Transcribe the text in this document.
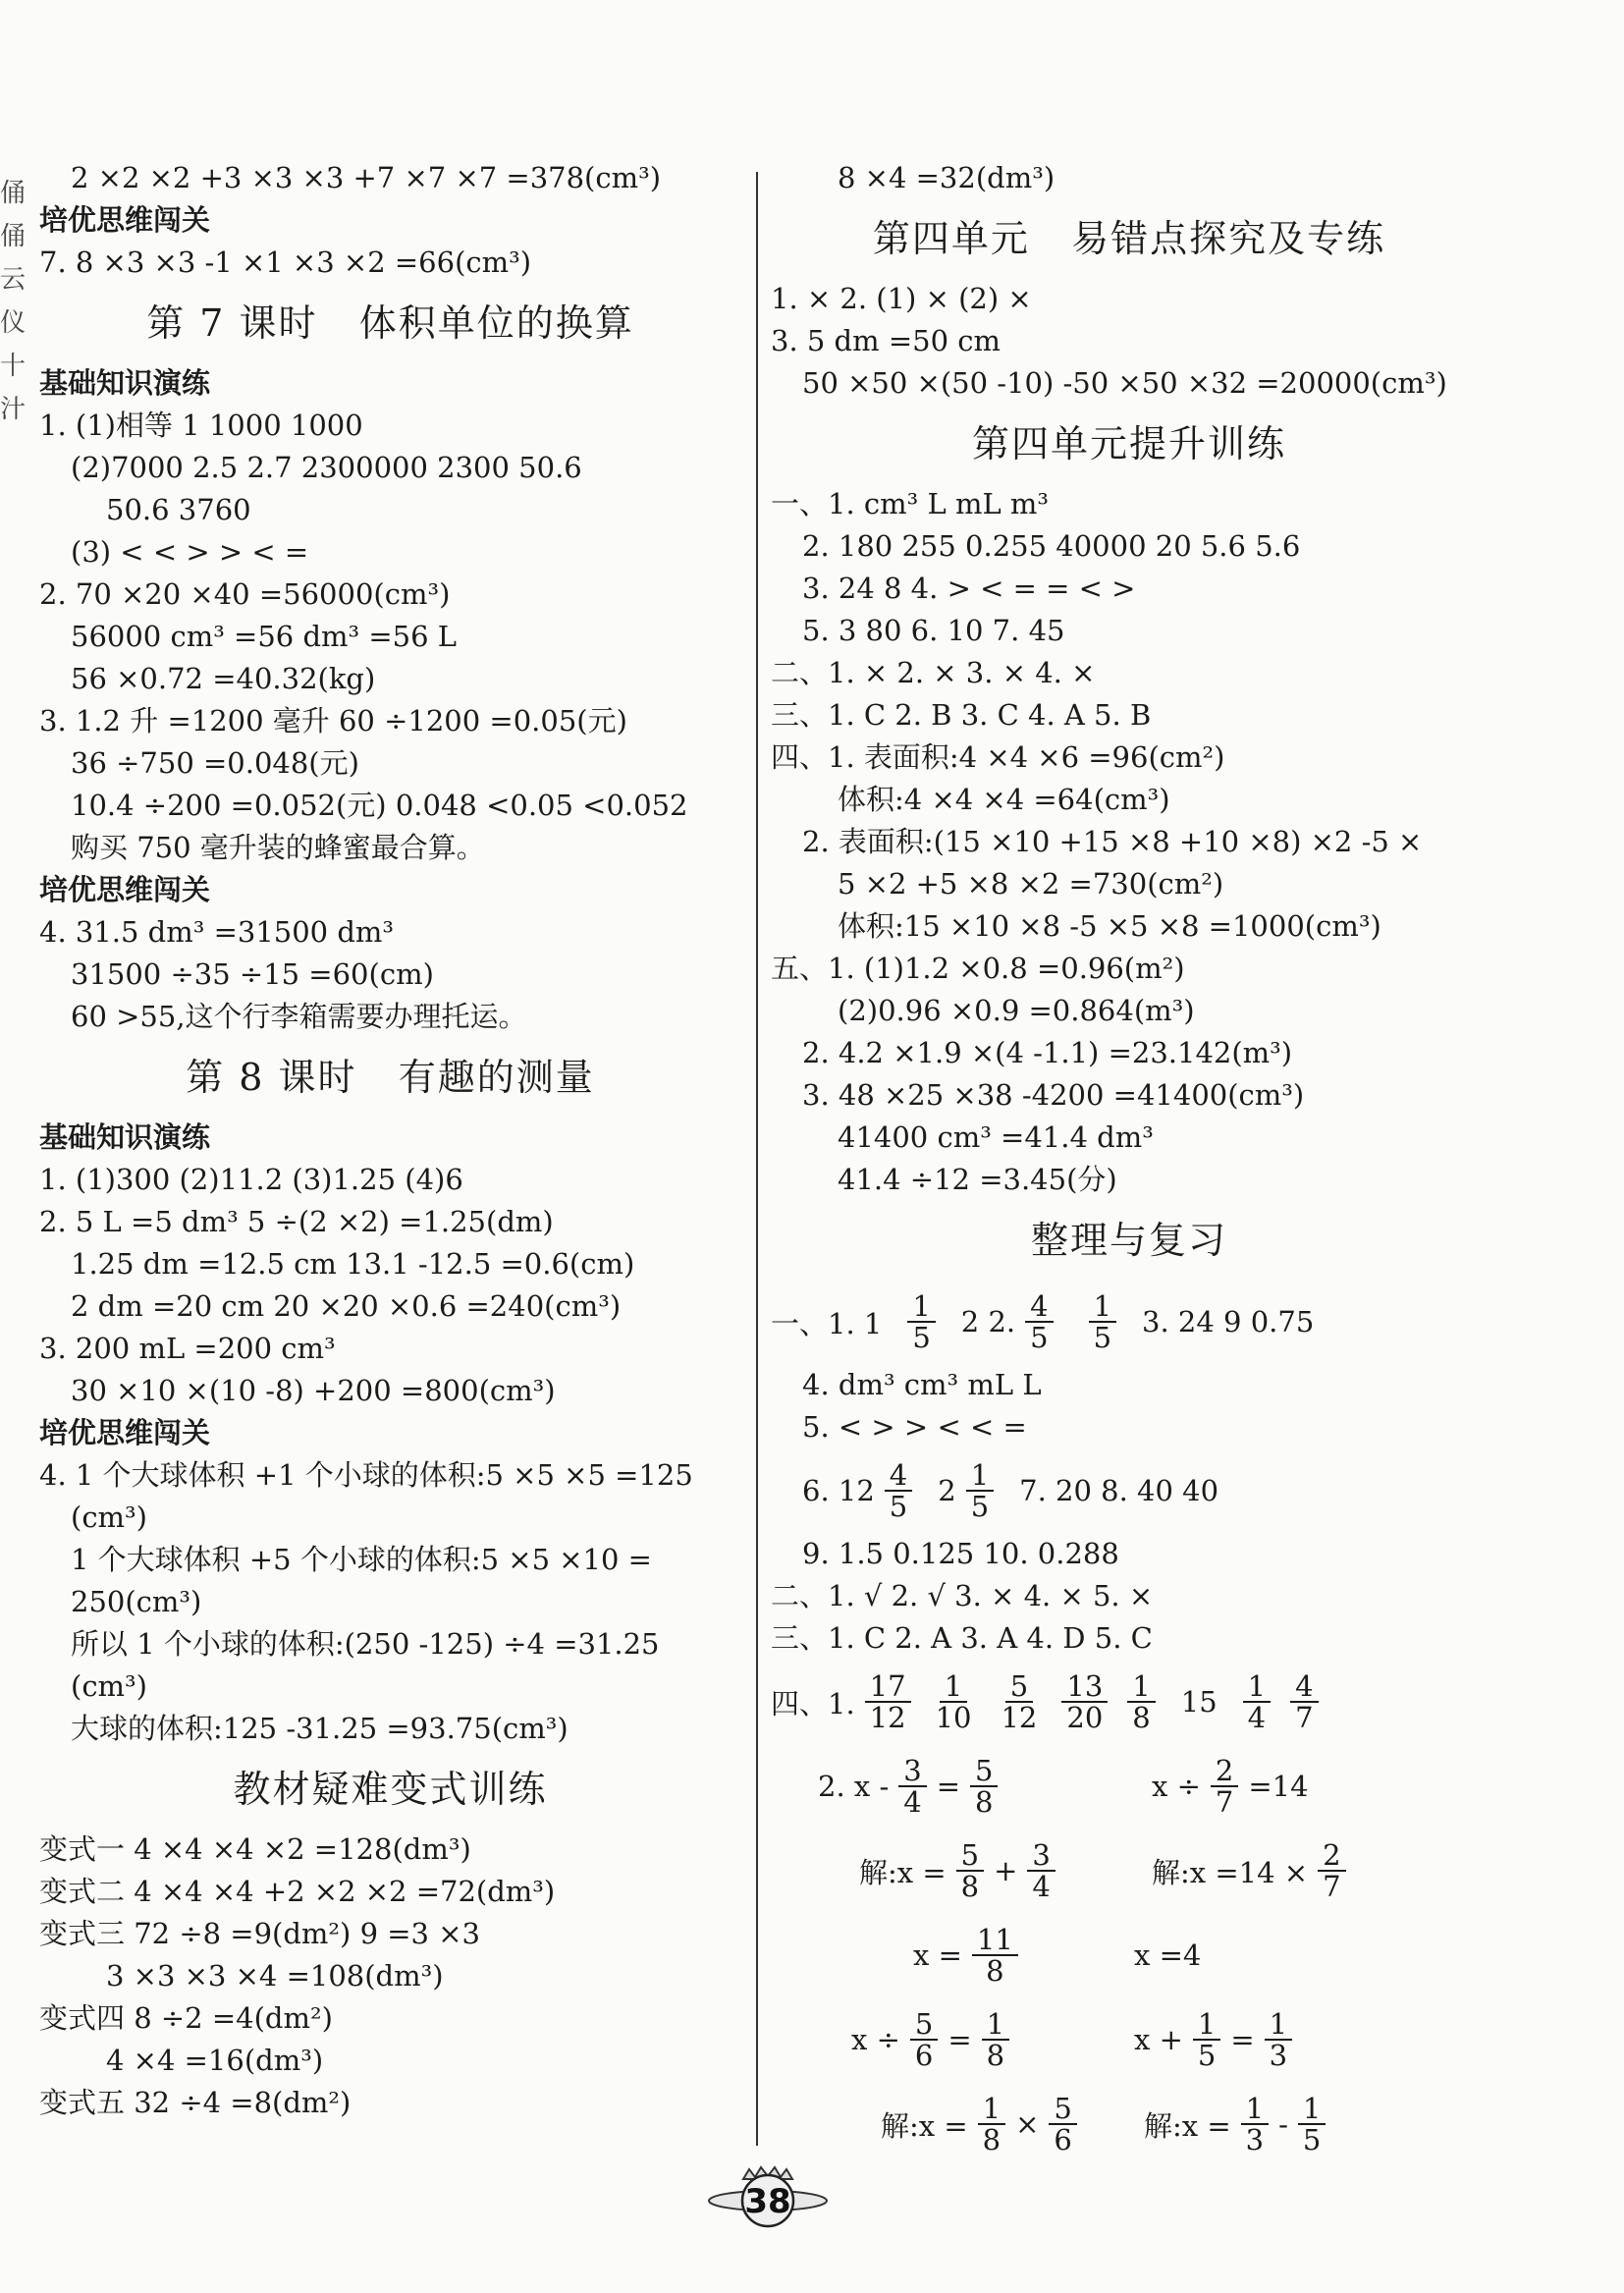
俑 俑 云 仪 十 汁
2 ×2 ×2 +3 ×3 ×3 +7 ×7 ×7 =378(cm³)
培优思维闯关
7. 8 ×3 ×3 -1 ×1 ×3 ×2 =66(cm³)
第 7 课时   体积单位的换算
基础知识演练
1. (1)相等 1 1000 1000
(2)7000 2.5 2.7 2300000 2300 50.6
50.6 3760
(3) < < > > < =
2. 70 ×20 ×40 =56000(cm³)
56000 cm³ =56 dm³ =56 L
56 ×0.72 =40.32(kg)
3. 1.2 升 =1200 毫升 60 ÷1200 =0.05(元)
36 ÷750 =0.048(元)
10.4 ÷200 =0.052(元) 0.048 <0.05 <0.052
购买 750 毫升装的蜂蜜最合算。
培优思维闯关
4. 31.5 dm³ =31500 dm³
31500 ÷35 ÷15 =60(cm)
60 >55,这个行李箱需要办理托运。
第 8 课时   有趣的测量
基础知识演练
1. (1)300 (2)11.2 (3)1.25 (4)6
2. 5 L =5 dm³ 5 ÷(2 ×2) =1.25(dm)
1.25 dm =12.5 cm 13.1 -12.5 =0.6(cm)
2 dm =20 cm 20 ×20 ×0.6 =240(cm³)
3. 200 mL =200 cm³
30 ×10 ×(10 -8) +200 =800(cm³)
培优思维闯关
4. 1 个大球体积 +1 个小球的体积:5 ×5 ×5 =125
(cm³)
1 个大球体积 +5 个小球的体积:5 ×5 ×10 =
250(cm³)
所以 1 个小球的体积:(250 -125) ÷4 =31.25
(cm³)
大球的体积:125 -31.25 =93.75(cm³)
教材疑难变式训练
变式一 4 ×4 ×4 ×2 =128(dm³)
变式二 4 ×4 ×4 +2 ×2 ×2 =72(dm³)
变式三 72 ÷8 =9(dm²) 9 =3 ×3
3 ×3 ×3 ×4 =108(dm³)
变式四 8 ÷2 =4(dm²)
4 ×4 =16(dm³)
变式五 32 ÷4 =8(dm²)
8 ×4 =32(dm³)
第四单元   易错点探究及专练
1. × 2. (1) × (2) ×
3. 5 dm =50 cm
50 ×50 ×(50 -10) -50 ×50 ×32 =20000(cm³)
第四单元提升训练
一、1. cm³ L mL m³
2. 180 255 0.255 40000 20 5.6 5.6
3. 24 8 4. > < = = < >
5. 3 80 6. 10 7. 45
二、1. × 2. × 3. × 4. ×
三、1. C 2. B 3. C 4. A 5. B
四、1. 表面积:4 ×4 ×6 =96(cm²)
体积:4 ×4 ×4 =64(cm³)
2. 表面积:(15 ×10 +15 ×8 +10 ×8) ×2 -5 ×
5 ×2 +5 ×8 ×2 =730(cm²)
体积:15 ×10 ×8 -5 ×5 ×8 =1000(cm³)
五、1. (1)1.2 ×0.8 =0.96(m²)
(2)0.96 ×0.9 =0.864(m³)
2. 4.2 ×1.9 ×(4 -1.1) =23.142(m³)
3. 48 ×25 ×38 -4200 =41400(cm³)
41400 cm³ =41.4 dm³
41.4 ÷12 =3.45(分)
整理与复习
一、1. $1 \frac{1}{5} 2$ 2. $\frac{4}{5} \frac{1}{5} 3$. 24 9 0.75
4. dm³ cm³ mL L
5. < > > < < =
6. $12 \frac{4}{5} 2 \frac{1}{5} 7$. 20 8. 40 40
9. 1.5 0.125 10. 0.288
二、1. √ 2. √ 3. × 4. × 5. ×
三、1. C 2. A 3. A 4. D 5. C
四、1. $\frac{17}{12} \frac{1}{10} \frac{5}{12} \frac{13}{20} \frac{1}{8} 15 \frac{1}{4} \frac{4}{7}$
2. $x - \frac{3}{4} = \frac{5}{8}$	$x \div \frac{2}{7} =14$
解:x = $\frac{5}{8} + \frac{3}{4}$	解:x $=14 \times \frac{2}{7}$
$x = \frac{11}{8}$	x =4
$x \div \frac{5}{6} = \frac{1}{8}$	$x + \frac{1}{5} = \frac{1}{3}$
解:x = $\frac{1}{8} \times \frac{5}{6}$ 解:x = $\frac{1}{3} - \frac{1}{5}$
38
